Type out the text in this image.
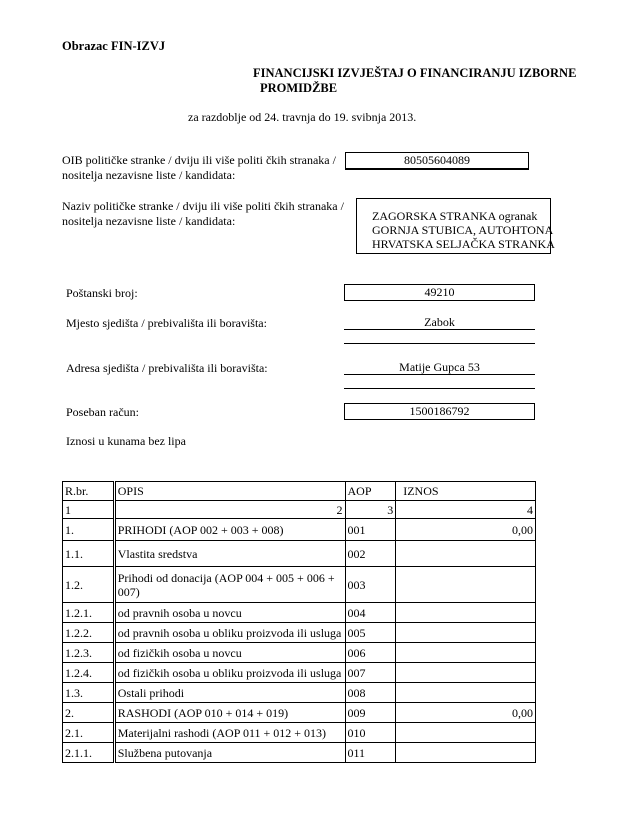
Obrazac FIN-IZVJ
FINANCIJSKI IZVJEŠTAJ O FINANCIRANJU IZBORNE
PROMIDŽBE
za razdoblje od 24. travnja do 19. svibnja 2013.
OIB političke stranke / dviju ili više politi čkih stranaka /
nositelja nezavisne liste / kandidata:
80505604089
Naziv političke stranke / dviju ili više politi čkih stranaka /
nositelja nezavisne liste / kandidata:	ZAGORSKA STRANKA ogranak
GORNJA STUBICA, AUTOHTONA
HRVATSKA SELJAČKA STRANKA
Poštanski broj:	49210
Mjesto sjedišta / prebivališta ili boravišta:	Zabok
Adresa sjedišta / prebivališta ili boravišta:	Matije Gupca 53
Poseban račun:	1500186792
Iznosi u kunama bez lipa
R.br.	OPIS	AOP	IZNOS
1	2	3	4
1.	PRIHODI (AOP 002 + 003 + 008)	001	0,00
1.1.	Vlastita sredstva	002	
1.2.	Prihodi od donacija (AOP 004 + 005 + 006 + 007)	003	
1.2.1.	od pravnih osoba u novcu	004	
1.2.2.	od pravnih osoba u obliku proizvoda ili usluga	005	
1.2.3.	od fizičkih osoba u novcu	006	
1.2.4.	od fizičkih osoba u obliku proizvoda ili usluga	007	
1.3.	Ostali prihodi	008	
2.	RASHODI (AOP 010 + 014 + 019)	009	0,00
2.1.	Materijalni rashodi (AOP 011 + 012 + 013)	010	
2.1.1.	Službena putovanja	011	
